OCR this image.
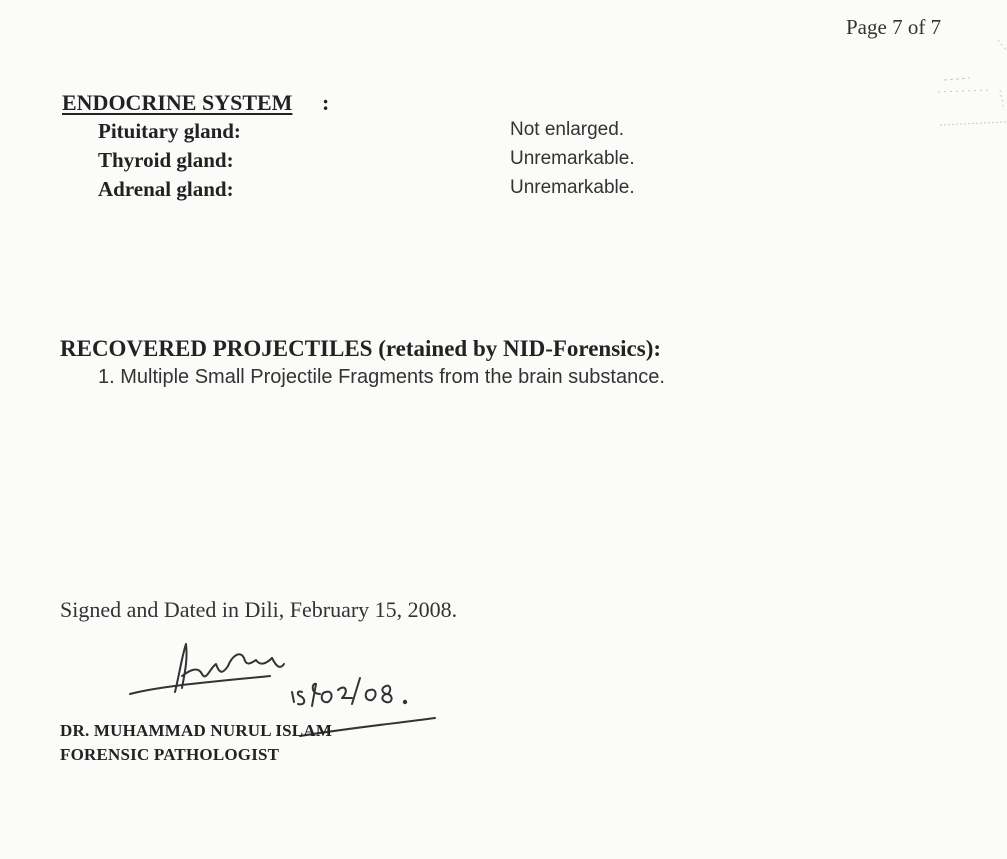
Page 7 of 7
ENDOCRINE SYSTEM :
Pituitary gland:	Not enlarged.
Thyroid gland:	Unremarkable.
Adrenal gland:	Unremarkable.
RECOVERED PROJECTILES (retained by NID-Forensics):
1. Multiple Small Projectile Fragments from the brain substance.
Signed and Dated in Dili, February 15, 2008.
DR. MUHAMMAD NURUL ISLAM
FORENSIC PATHOLOGIST
